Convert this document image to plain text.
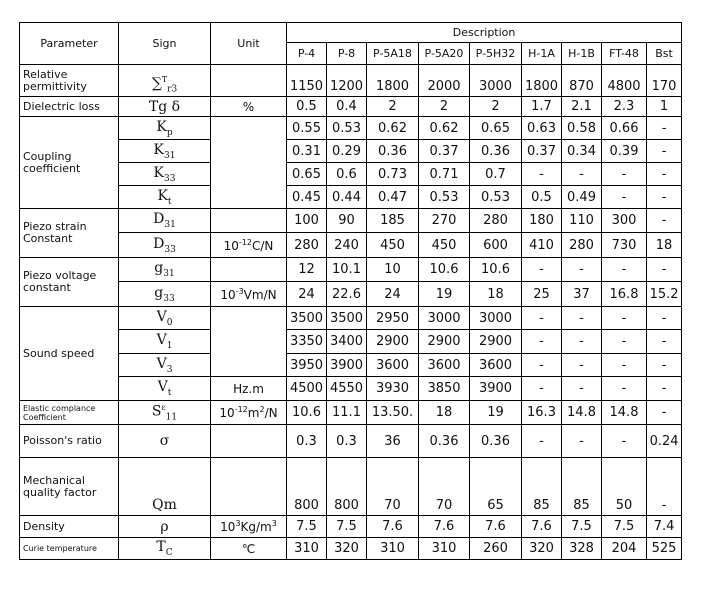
Parameter	Sign	Unit	Description								
			P-4	P-8	P-5A18	P-5A20	P-5H32	H-1A	H-1B	FT-48	Bst
Relative permittivity	∑$^T_{r3}$		1150	1200	1800	2000	3000	1800	870	4800	170
Dielectric loss	Tg δ	%	0.5	0.4	2	2	2	1.7	2.1	2.3	1
Coupling coefficient	$K_p$		0.55	0.53	0.62	0.62	0.65	0.63	0.58	0.66	-
	$K_{31}$		0.31	0.29	0.36	0.37	0.36	0.37	0.34	0.39	-
	$K_{33}$		0.65	0.6	0.73	0.71	0.7	-	-	-	-
	$K_t$		0.45	0.44	0.47	0.53	0.53	0.5	0.49	-	-
Piezo strain Constant	$D_{31}$		100	90	185	270	280	180	110	300	-
	$D_{33}$	$10^{-12}C/N$	280	240	450	450	600	410	280	730	18
Piezo voltage constant	$g_{31}$		12	10.1	10	10.6	10.6	-	-	-	-
	$g_{33}$	$10^{-3}Vm/N$	24	22.6	24	19	18	25	37	16.8	15.2
Sound speed	$V_0$		3500	3500	2950	3000	3000	-	-	-	-
	$V_1$		3350	3400	2900	2900	2900	-	-	-	-
	$V_3$		3950	3900	3600	3600	3600	-	-	-	-
	$V_t$	Hz.m	4500	4550	3930	3850	3900	-	-	-	-
Elastic complance Coefficient	$S^\varepsilon_{11}$	$10^{-12}m^2/N$	10.6	11.1	13.50.	18	19	16.3	14.8	14.8	-
Poisson's ratio	σ		0.3	0.3	36	0.36	0.36	-	-	-	0.24
Mechanical quality factor	Qm		800	800	70	70	65	85	85	50	-
Density	ρ	$10^3Kg/m^3$	7.5	7.5	7.6	7.6	7.6	7.6	7.5	7.5	7.4
Curie temperature	$T_C$	℃	310	320	310	310	260	320	328	204	525
